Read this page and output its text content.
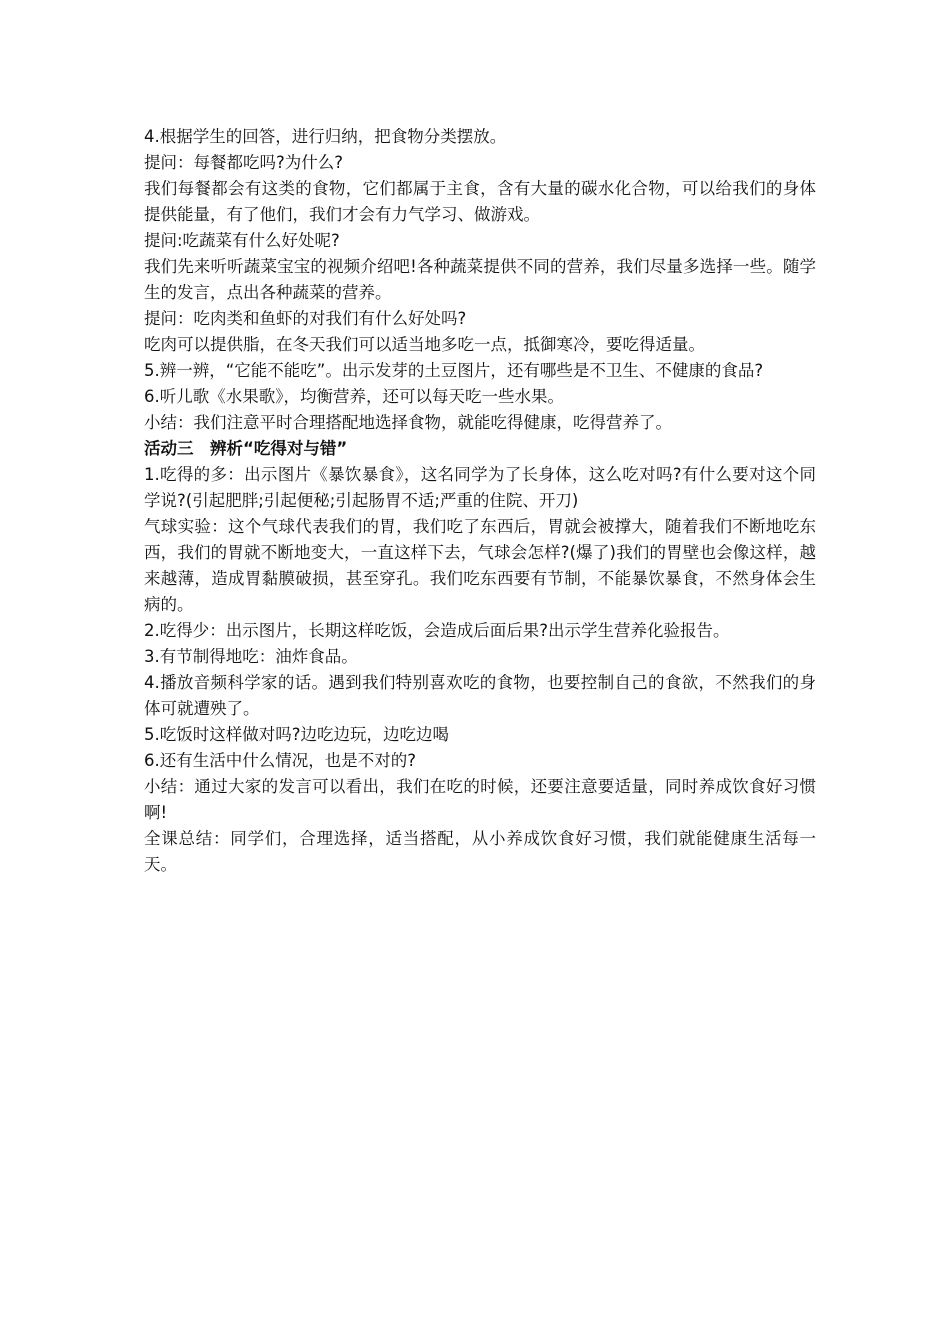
4.根据学生的回答，进行归纳，把食物分类摆放。

提问：每餐都吃吗?为什么?

我们每餐都会有这类的食物，它们都属于主食，含有大量的碳水化合物，可以给我们的身体提供能量，有了他们，我们才会有力气学习、做游戏。

提问:吃蔬菜有什么好处呢?

我们先来听听蔬菜宝宝的视频介绍吧!各种蔬菜提供不同的营养，我们尽量多选择一些。随学生的发言，点出各种蔬菜的营养。

提问：吃肉类和鱼虾的对我们有什么好处吗?

吃肉可以提供脂，在冬天我们可以适当地多吃一点，抵御寒冷，要吃得适量。

5.辨一辨，“它能不能吃”。出示发芽的土豆图片，还有哪些是不卫生、不健康的食品?

6.听儿歌《水果歌》，均衡营养，还可以每天吃一些水果。

小结：我们注意平时合理搭配地选择食物，就能吃得健康，吃得营养了。

活动三　辨析“吃得对与错”

1.吃得的多：出示图片《暴饮暴食》，这名同学为了长身体，这么吃对吗?有什么要对这个同学说?(引起肥胖;引起便秘;引起肠胃不适;严重的住院、开刀)

气球实验：这个气球代表我们的胃，我们吃了东西后，胃就会被撑大，随着我们不断地吃东西，我们的胃就不断地变大，一直这样下去，气球会怎样?(爆了)我们的胃壁也会像这样，越来越薄，造成胃黏膜破损，甚至穿孔。我们吃东西要有节制，不能暴饮暴食，不然身体会生病的。

2.吃得少：出示图片，长期这样吃饭，会造成后面后果?出示学生营养化验报告。

3.有节制得地吃：油炸食品。

4.播放音频科学家的话。遇到我们特别喜欢吃的食物，也要控制自己的食欲，不然我们的身体可就遭殃了。

5.吃饭时这样做对吗?边吃边玩，边吃边喝

6.还有生活中什么情况，也是不对的?

小结：通过大家的发言可以看出，我们在吃的时候，还要注意要适量，同时养成饮食好习惯啊!

全课总结：同学们，合理选择，适当搭配，从小养成饮食好习惯，我们就能健康生活每一天。
